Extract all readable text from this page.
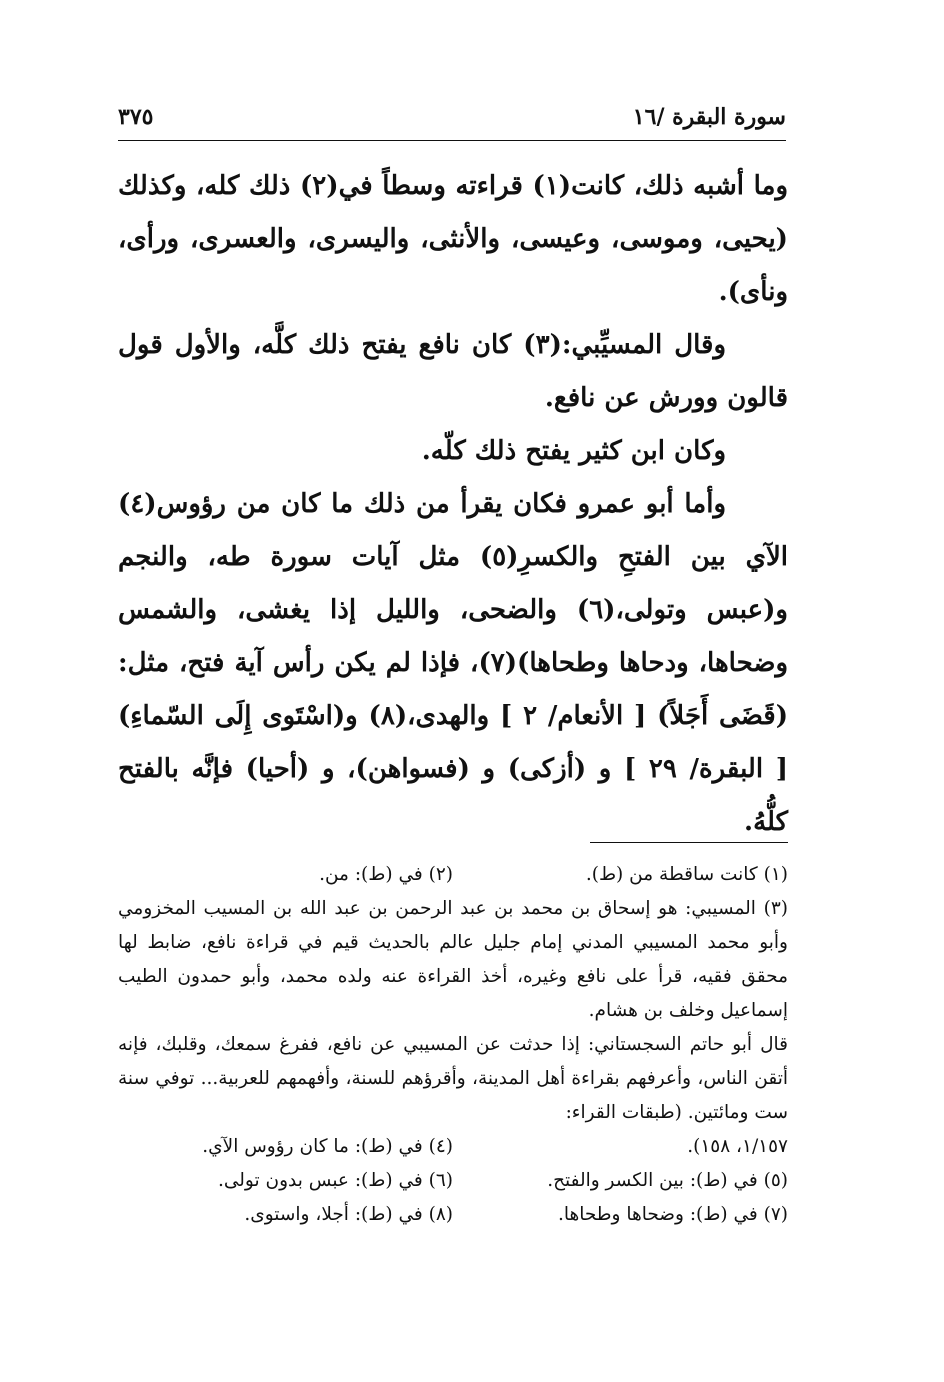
سورة البقرة /١٦
٣٧٥

وما أشبه ذلك، كانت(١) قراءته وسطاً في(٢) ذلك كله، وكذلك (يحيى، وموسى، وعيسى، والأنثى، واليسرى، والعسرى، ورأى، ونأى).

وقال المسيِّبي:(٣) كان نافع يفتح ذلك كلَّه، والأول قول قالون وورش عن نافع.

وكان ابن كثير يفتح ذلك كلّه.

وأما أبو عمرو فكان يقرأ من ذلك ما كان من رؤوس(٤) الآي بين الفتحِ والكسرِ(٥) مثل آيات سورة طه، والنجم و(عبس وتولى،(٦) والضحى، والليل إذا يغشى، والشمس وضحاها، ودحاها وطحاها)(٧)، فإذا لم يكن رأس آية فتح، مثل: (قَضَى أَجَلاً) [ الأنعام/ ٢ ] والهدى،(٨) و(اسْتَوى إِلَى السّماءِ) [ البقرة/ ٢٩ ] و (أزكى) و (فسواهن)، و (أحيا) فإنَّه بالفتح كلُّهُ.

(١) كانت ساقطة من (ط).
(٢) في (ط): من.

(٣) المسيبي: هو إسحاق بن محمد بن عبد الرحمن بن عبد الله بن المسيب المخزومي وأبو محمد المسيبي المدني إمام جليل عالم بالحديث قيم في قراءة نافع، ضابط لها محقق فقيه، قرأ على نافع وغيره، أخذ القراءة عنه ولده محمد، وأبو حمدون الطيب إسماعيل وخلف بن هشام.

قال أبو حاتم السجستاني: إذا حدثت عن المسيبي عن نافع، ففرغ سمعك، وقلبك، فإنه أتقن الناس، وأعرفهم بقراءة أهل المدينة، وأقرؤهم للسنة، وأفهمهم للعربية... توفي سنة ست ومائتين. (طبقات القراء:

١/١٥٧، ١٥٨).
(٤) في (ط): ما كان رؤوس الآي.
(٥) في (ط): بين الكسر والفتح.
(٦) في (ط): عبس بدون تولى.
(٧) في (ط): وضحاها وطحاها.
(٨) في (ط): أجلا، واستوى.
